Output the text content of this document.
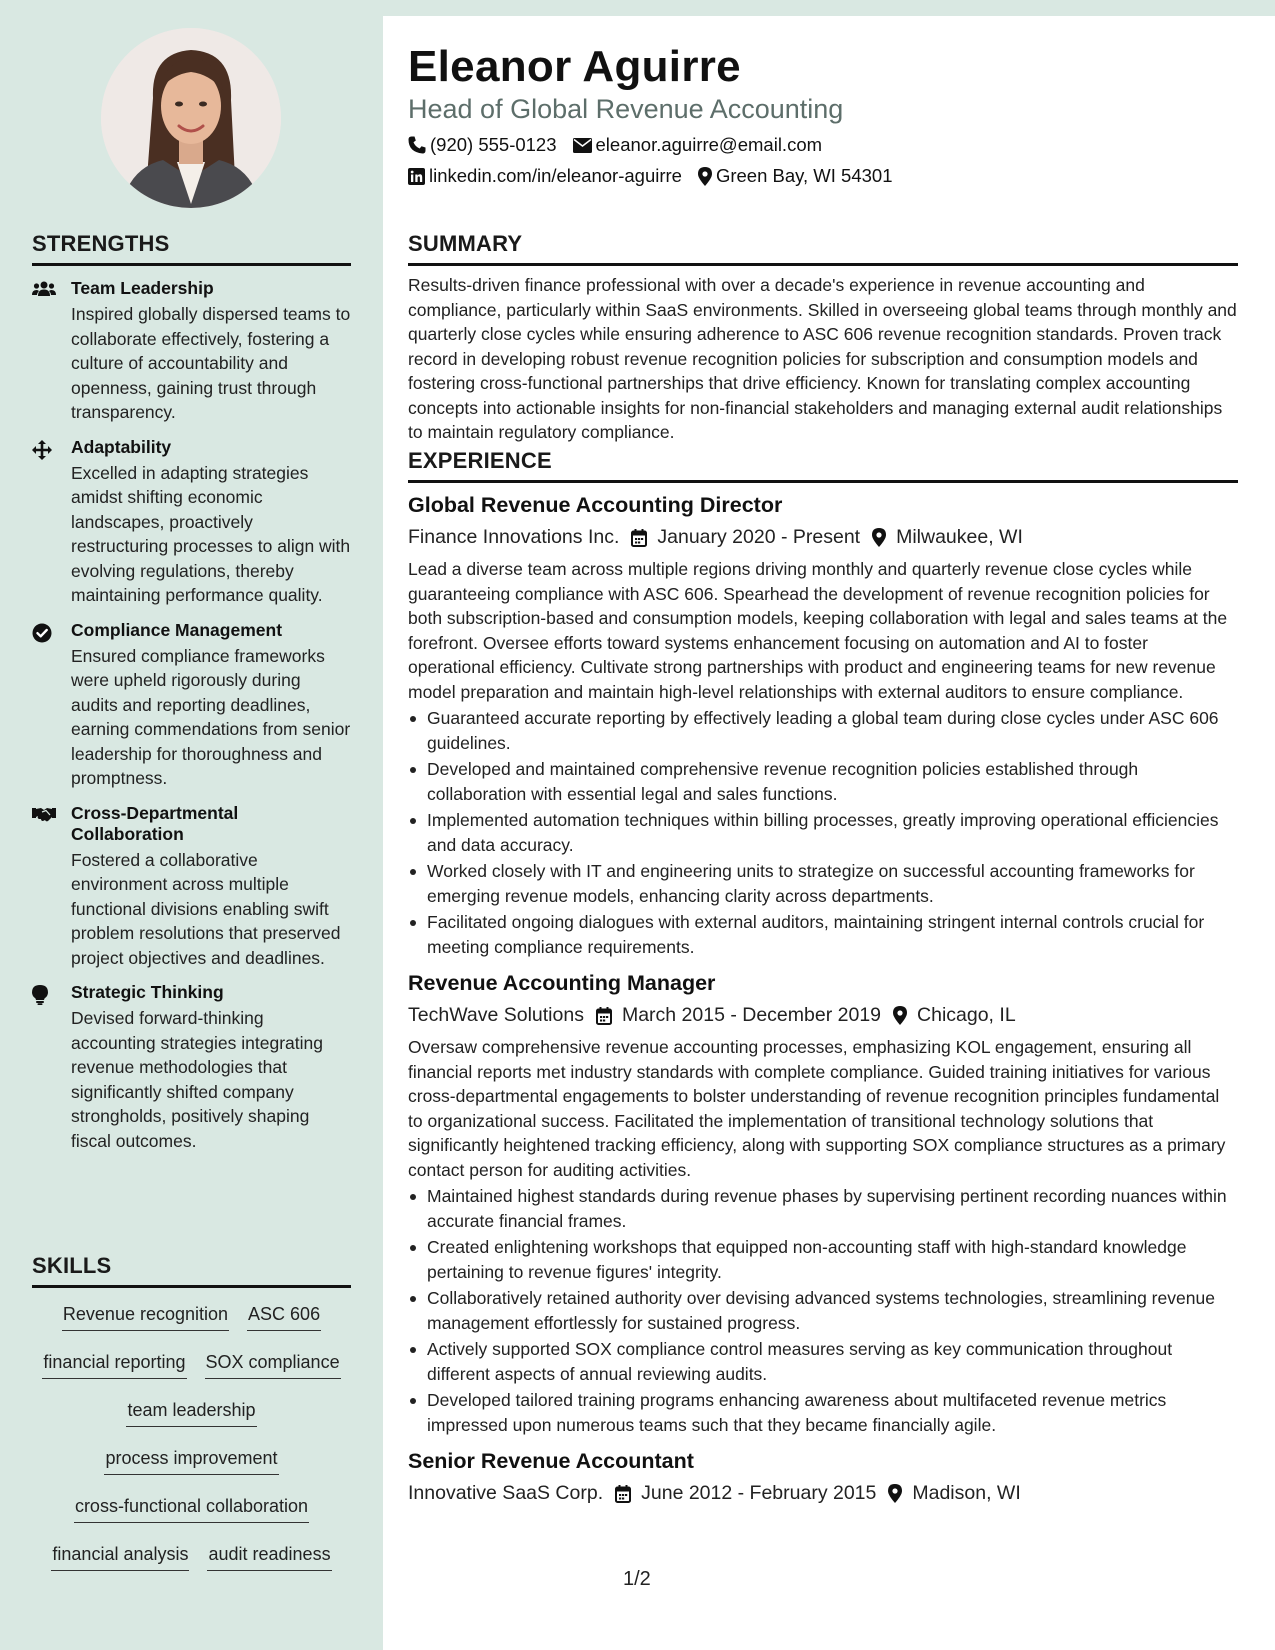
STRENGTHS
Team Leadership
Inspired globally dispersed teams to collaborate effectively, fostering a culture of accountability and openness, gaining trust through transparency.
Adaptability
Excelled in adapting strategies amidst shifting economic landscapes, proactively restructuring processes to align with evolving regulations, thereby maintaining performance quality.
Compliance Management
Ensured compliance frameworks were upheld rigorously during audits and reporting deadlines, earning commendations from senior leadership for thoroughness and promptness.
Cross-Departmental Collaboration
Fostered a collaborative environment across multiple functional divisions enabling swift problem resolutions that preserved project objectives and deadlines.
Strategic Thinking
Devised forward-thinking accounting strategies integrating revenue methodologies that significantly shifted company strongholds, positively shaping fiscal outcomes.
SKILLS
Revenue recognition ASC 606
financial reporting SOX compliance
team leadership
process improvement
cross-functional collaboration
financial analysis audit readiness
Eleanor Aguirre
Head of Global Revenue Accounting
(920) 555-0123 eleanor.aguirre@email.com
linkedin.com/in/eleanor-aguirre Green Bay, WI 54301
SUMMARY

Results-driven finance professional with over a decade's experience in revenue accounting and compliance, particularly within SaaS environments. Skilled in overseeing global teams through monthly and quarterly close cycles while ensuring adherence to ASC 606 revenue recognition standards. Proven track record in developing robust revenue recognition policies for subscription and consumption models and fostering cross-functional partnerships that drive efficiency. Known for translating complex accounting concepts into actionable insights for non-financial stakeholders and managing external audit relationships to maintain regulatory compliance.

EXPERIENCE
Global Revenue Accounting Director
Finance Innovations Inc. January 2020 - Present Milwaukee, WI

Lead a diverse team across multiple regions driving monthly and quarterly revenue close cycles while guaranteeing compliance with ASC 606. Spearhead the development of revenue recognition policies for both subscription-based and consumption models, keeping collaboration with legal and sales teams at the forefront. Oversee efforts toward systems enhancement focusing on automation and AI to foster operational efficiency. Cultivate strong partnerships with product and engineering teams for new revenue model preparation and maintain high-level relationships with external auditors to ensure compliance.

Guaranteed accurate reporting by effectively leading a global team during close cycles under ASC 606 guidelines.
Developed and maintained comprehensive revenue recognition policies established through collaboration with essential legal and sales functions.
Implemented automation techniques within billing processes, greatly improving operational efficiencies and data accuracy.
Worked closely with IT and engineering units to strategize on successful accounting frameworks for emerging revenue models, enhancing clarity across departments.
Facilitated ongoing dialogues with external auditors, maintaining stringent internal controls crucial for meeting compliance requirements.
Revenue Accounting Manager
TechWave Solutions March 2015 - December 2019 Chicago, IL

Oversaw comprehensive revenue accounting processes, emphasizing KOL engagement, ensuring all financial reports met industry standards with complete compliance. Guided training initiatives for various cross-departmental engagements to bolster understanding of revenue recognition principles fundamental to organizational success. Facilitated the implementation of transitional technology solutions that significantly heightened tracking efficiency, along with supporting SOX compliance structures as a primary contact person for auditing activities.

Maintained highest standards during revenue phases by supervising pertinent recording nuances within accurate financial frames.
Created enlightening workshops that equipped non-accounting staff with high-standard knowledge pertaining to revenue figures' integrity.
Collaboratively retained authority over devising advanced systems technologies, streamlining revenue management effortlessly for sustained progress.
Actively supported SOX compliance control measures serving as key communication throughout different aspects of annual reviewing audits.
Developed tailored training programs enhancing awareness about multifaceted revenue metrics impressed upon numerous teams such that they became financially agile.
Senior Revenue Accountant
Innovative SaaS Corp. June 2012 - February 2015 Madison, WI
1/2
